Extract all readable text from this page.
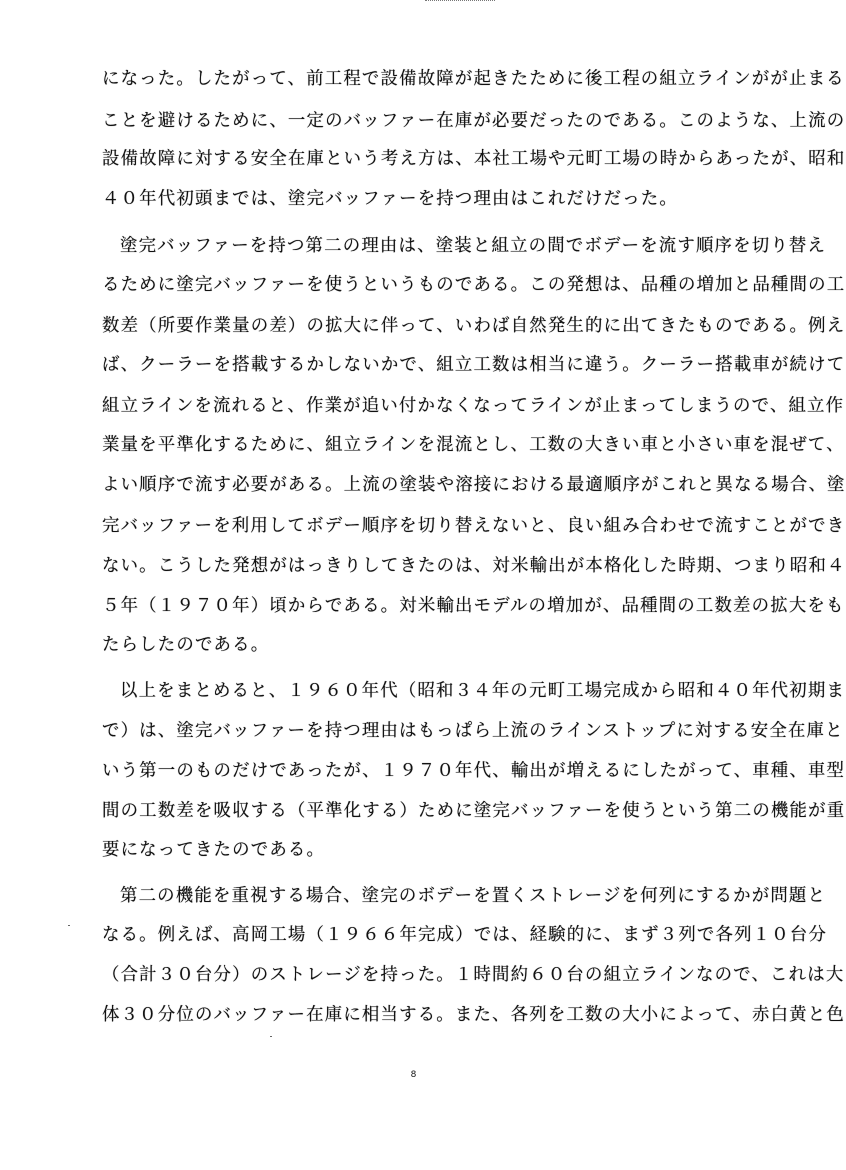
になった。したがって、前工程で設備故障が起きたために後工程の組立ラインがが止まる
ことを避けるために、一定のバッファー在庫が必要だったのである。このような、上流の
設備故障に対する安全在庫という考え方は、本社工場や元町工場の時からあったが、昭和
４０年代初頭までは、塗完バッファーを持つ理由はこれだけだった。
塗完バッファーを持つ第二の理由は、塗装と組立の間でボデーを流す順序を切り替え
るために塗完バッファーを使うというものである。この発想は、品種の増加と品種間の工
数差（所要作業量の差）の拡大に伴って、いわば自然発生的に出てきたものである。例え
ば、クーラーを搭載するかしないかで、組立工数は相当に違う。クーラー搭載車が続けて
組立ラインを流れると、作業が追い付かなくなってラインが止まってしまうので、組立作
業量を平準化するために、組立ラインを混流とし、工数の大きい車と小さい車を混ぜて、
よい順序で流す必要がある。上流の塗装や溶接における最適順序がこれと異なる場合、塗
完バッファーを利用してボデー順序を切り替えないと、良い組み合わせで流すことができ
ない。こうした発想がはっきりしてきたのは、対米輸出が本格化した時期、つまり昭和４
５年（１９７０年）頃からである。対米輸出モデルの増加が、品種間の工数差の拡大をも
たらしたのである。
以上をまとめると、１９６０年代（昭和３４年の元町工場完成から昭和４０年代初期ま
で）は、塗完バッファーを持つ理由はもっぱら上流のラインストップに対する安全在庫と
いう第一のものだけであったが、１９７０年代、輸出が増えるにしたがって、車種、車型
間の工数差を吸収する（平準化する）ために塗完バッファーを使うという第二の機能が重
要になってきたのである。
第二の機能を重視する場合、塗完のボデーを置くストレージを何列にするかが問題と
なる。例えば、高岡工場（１９６６年完成）では、経験的に、まず３列で各列１０台分
（合計３０台分）のストレージを持った。１時間約６０台の組立ラインなので、これは大
体３０分位のバッファー在庫に相当する。また、各列を工数の大小によって、赤白黄と色
8
